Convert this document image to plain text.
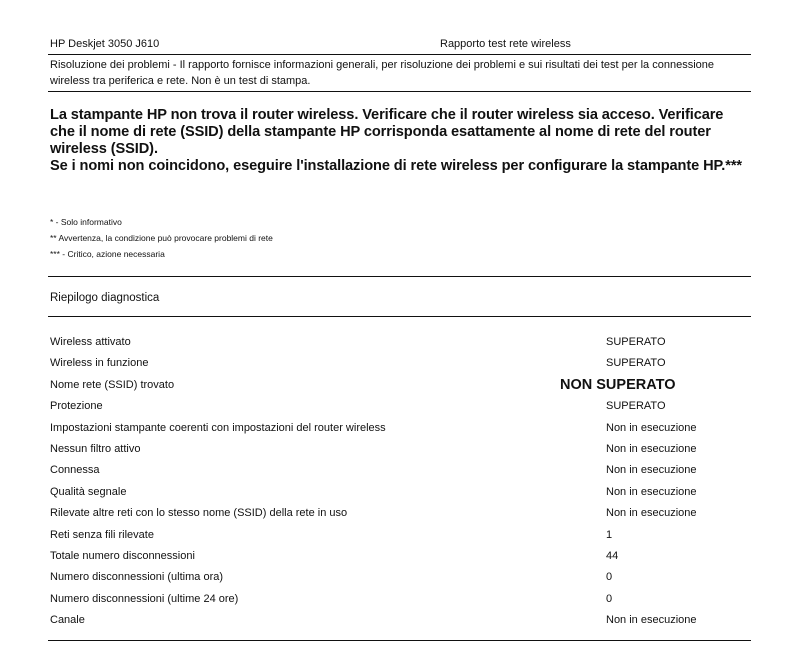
HP Deskjet 3050 J610	Rapporto test rete wireless
Risoluzione dei problemi - Il rapporto fornisce informazioni generali, per risoluzione dei problemi e sui risultati dei test per la connessione wireless tra periferica e rete. Non è un test di stampa.
La stampante HP non trova il router wireless. Verificare che il router wireless sia acceso. Verificare che il nome di rete (SSID) della stampante HP corrisponda esattamente al nome di rete del router wireless (SSID).
Se i nomi non coincidono, eseguire l'installazione di rete wireless per configurare la stampante HP.***
* - Solo informativo
** Avvertenza, la condizione può provocare problemi di rete
*** - Critico, azione necessaria
Riepilogo diagnostica
Wireless attivato	SUPERATO
Wireless in funzione	SUPERATO
Nome rete (SSID) trovato	NON SUPERATO
Protezione	SUPERATO
Impostazioni stampante coerenti con impostazioni del router wireless	Non in esecuzione
Nessun filtro attivo	Non in esecuzione
Connessa	Non in esecuzione
Qualità segnale	Non in esecuzione
Rilevate altre reti con lo stesso nome (SSID) della rete in uso	Non in esecuzione
Reti senza fili rilevate	1
Totale numero disconnessioni	44
Numero disconnessioni (ultima ora)	0
Numero disconnessioni (ultime 24 ore)	0
Canale	Non in esecuzione
